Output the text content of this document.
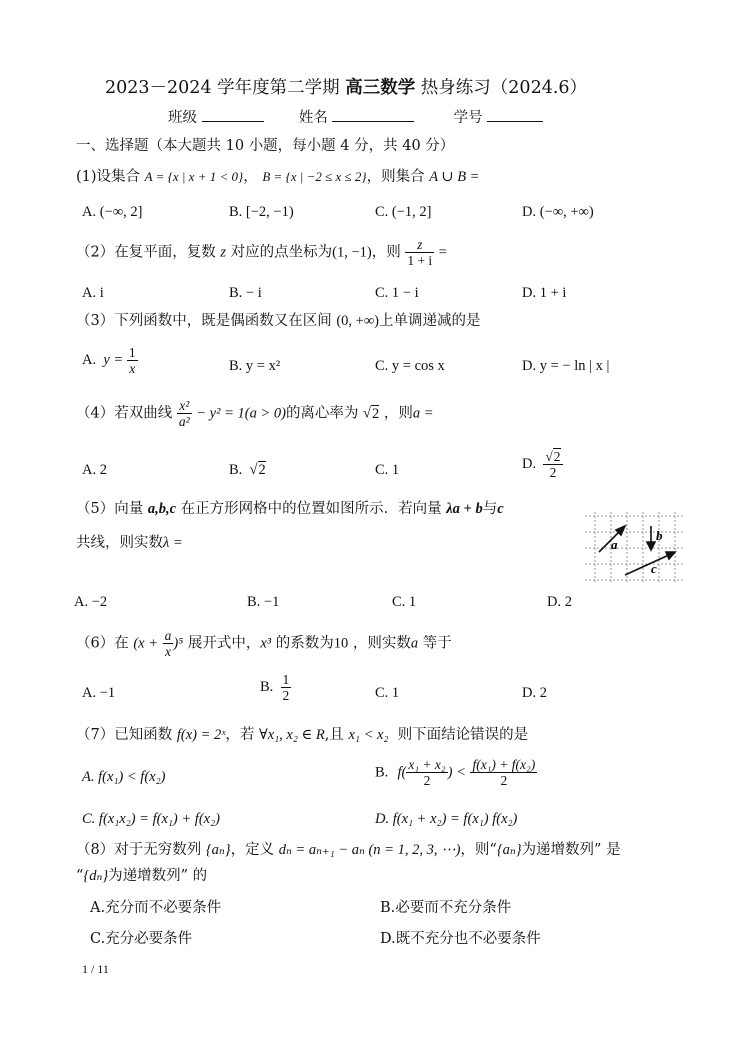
2023－2024 学年度第二学期 高三数学 热身练习（2024.6）
班级	姓名	学号
一、选择题（本大题共 10 小题，每小题 4 分，共 40 分）
(1)设集合 A = {x | x + 1 < 0}， B = {x | −2 ≤ x ≤ 2}，则集合 A ∪ B =
A. (−∞, 2]	B. [−2, −1)	C. (−1, 2]	D. (−∞, +∞)
（2）在复平面，复数 z 对应的点坐标为(1, −1)，则 $\frac{z}{1 + i}$ =
A. i	B. − i	C. 1 − i	D. 1 + i
（3）下列函数中，既是偶函数又在区间 (0, +∞)上单调递减的是
A. $y = \frac{1}{x}$	B. y = x²	C. y = cos x	D. y = − ln | x |
（4）若双曲线 $\frac{\text{x²}}{\text{a²}} - y^2 = 1(a > 0)$的离心率为 √2 ，则a =
A. 2	B. √2	C. 1	D. $\frac{√2}{2}$
（5）向量 a,b,c 在正方形网格中的位置如图所示．若向量 λa + b与c
共线，则实数λ =	a
b
c
A. −2	B. −1	C. 1	D. 2
（6）在 $(x + \frac{a}{x} )^5$ 展开式中，x³ 的系数为10 ，则实数a 等于
A. −1	B. $\frac{1}{2}$	C. 1	D. 2
（7）已知函数 f(x) = 2ˣ，若 ∀x₁, x₂ ∈ R,且 x₁ < x₂ 则下面结论错误的是
A. f(x₁) < f(x₂)	B. $f( \frac{\text{x₁ + x₂}}{2}$ ) < $\frac{\text{f(x₁) + f(x₂)}}{2}$
C. f(x₁x₂) = f(x₁) + f(x₂)	D. f(x₁ + x₂) = f(x₁) f(x₂)
（8）对于无穷数列 {aₙ}，定义 dₙ = aₙ₊₁ − aₙ (n = 1, 2, 3, ⋯)，则“{aₙ}为递增数列” 是
“{dₙ}为递增数列” 的
A.充分而不必要条件	B.必要而不充分条件
C.充分必要条件	D.既不充分也不必要条件
1 / 11
